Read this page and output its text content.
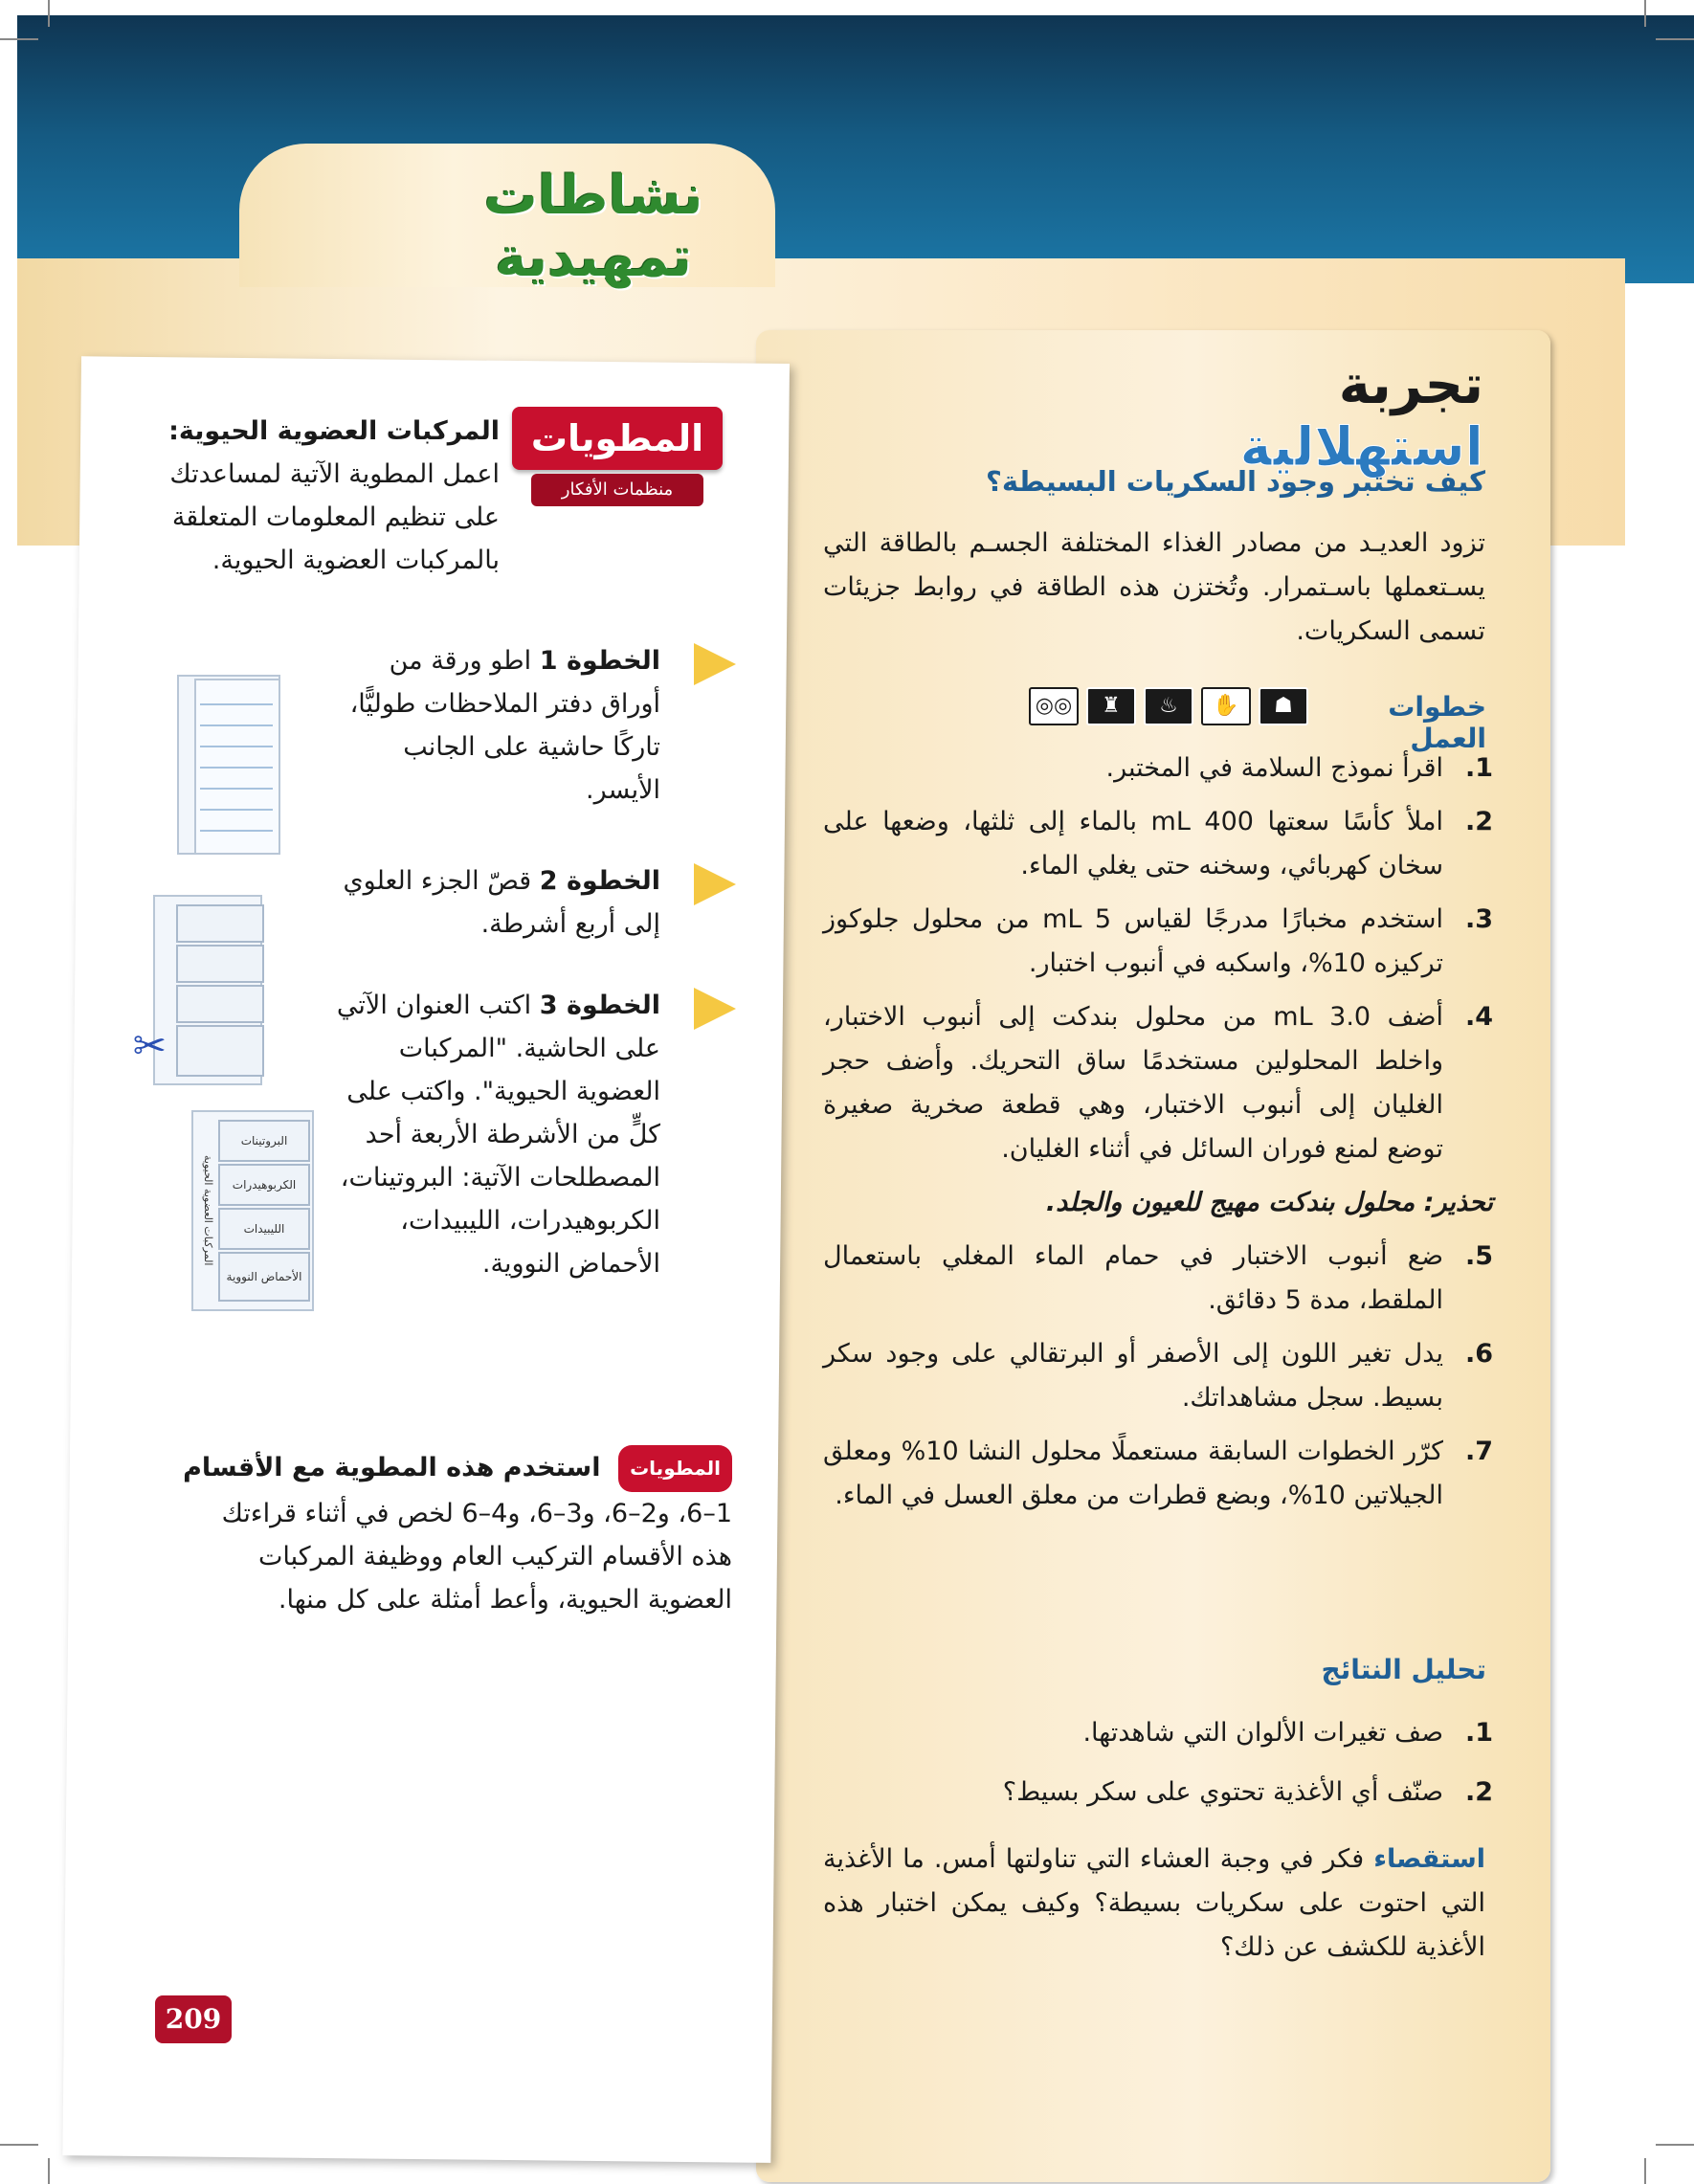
نشاطات تمهيدية
تجربة استهلالية
كيف تختبر وجود السكريات البسيطة؟
تزود العديـد من مصادر الغذاء المختلفة الجسـم بالطاقة التي يسـتعملها باسـتمرار. وتُختزن هذه الطاقة في روابط جزيئات تسمى السكريات.
خطوات العمل
◎◎	♜	♨	✋	☗
1.
اقرأ نموذج السلامة في المختبر.
2.
املأ كأسًا سعتها 400 mL بالماء إلى ثلثها، وضعها على سخان كهربائي، وسخنه حتى يغلي الماء.
3.
استخدم مخبارًا مدرجًا لقياس 5 mL من محلول جلوكوز تركيزه 10%، واسكبه في أنبوب اختبار.
4.
أضف 3.0 mL من محلول بندكت إلى أنبوب الاختبار، واخلط المحلولين مستخدمًا ساق التحريك. وأضف حجر الغليان إلى أنبوب الاختبار، وهي قطعة صخرية صغيرة توضع لمنع فوران السائل في أثناء الغليان.
تحذير: محلول بندكت مهيج للعيون والجلد.
5.
ضع أنبوب الاختبار في حمام الماء المغلي باستعمال الملقط، مدة 5 دقائق.
6.
يدل تغير اللون إلى الأصفر أو البرتقالي على وجود سكر بسيط. سجل مشاهداتك.
7.
كرّر الخطوات السابقة مستعملًا محلول النشا 10% ومعلق الجيلاتين 10%، وبضع قطرات من معلق العسل في الماء.
تحليل النتائج
1.
صف تغيرات الألوان التي شاهدتها.
2.
صنّف أي الأغذية تحتوي على سكر بسيط؟
استقصاء فكر في وجبة العشاء التي تناولتها أمس. ما الأغذية التي احتوت على سكريات بسيطة؟ وكيف يمكن اختبار هذه الأغذية للكشف عن ذلك؟
المطويات
منظمات الأفكار
المركبات العضوية الحيوية: اعمل المطوية الآتية لمساعدتك على تنظيم المعلومات المتعلقة بالمركبات العضوية الحيوية.
الخطوة 1 اطو ورقة من أوراق دفتر الملاحظات طوليًّا، تاركًا حاشية على الجانب الأيسر.
الخطوة 2 قصّ الجزء العلوي إلى أربع أشرطة.
✂
الخطوة 3 اكتب العنوان الآتي على الحاشية. "المركبات العضوية الحيوية". واكتب على كلٍّ من الأشرطة الأربعة أحد المصطلحات الآتية: البروتينات، الكربوهيدرات، الليبيدات، الأحماض النووية.
المركبات العضوية الحيوية
البروتينات
الكربوهيدرات
الليبيدات
الأحماض النووية
المطويات استخدم هذه المطوية مع الأقسام 1–6، و2–6، و3–6، و4–6 لخص في أثناء قراءتك هذه الأقسام التركيب العام ووظيفة المركبات العضوية الحيوية، وأعط أمثلة على كل منها.
209
